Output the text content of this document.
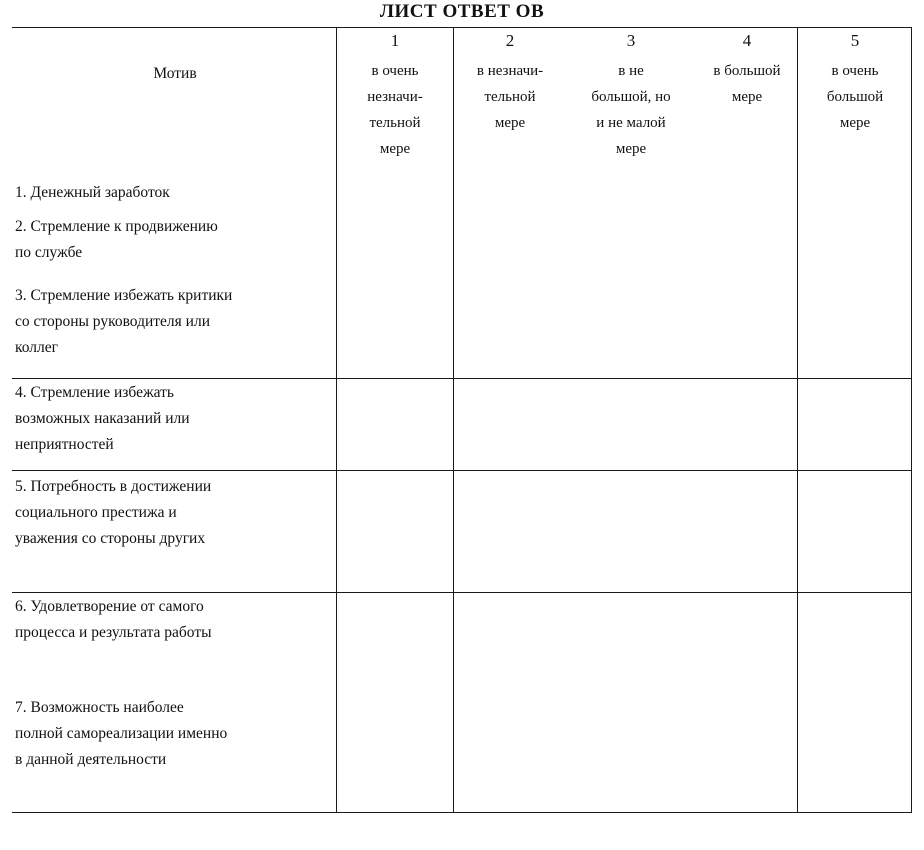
ЛИСТ ОТВЕТ ОВ
Мотив
1
в очень
незначи-
тельной
мере
2
в незначи-
тельной
мере
3
в не
большой, но
и не малой
мере
4
в большой
мере
5
в очень
большой
мере
1. Денежный заработок
2. Стремление к продвижению
по службе
3. Стремление избежать критики
со стороны руководителя или
коллег
4. Стремление избежать
возможных наказаний или
неприятностей
5. Потребность в достижении
социального престижа и
уважения со стороны других
6. Удовлетворение от самого
процесса и результата работы
7. Возможность наиболее
полной самореализации именно
в данной деятельности
